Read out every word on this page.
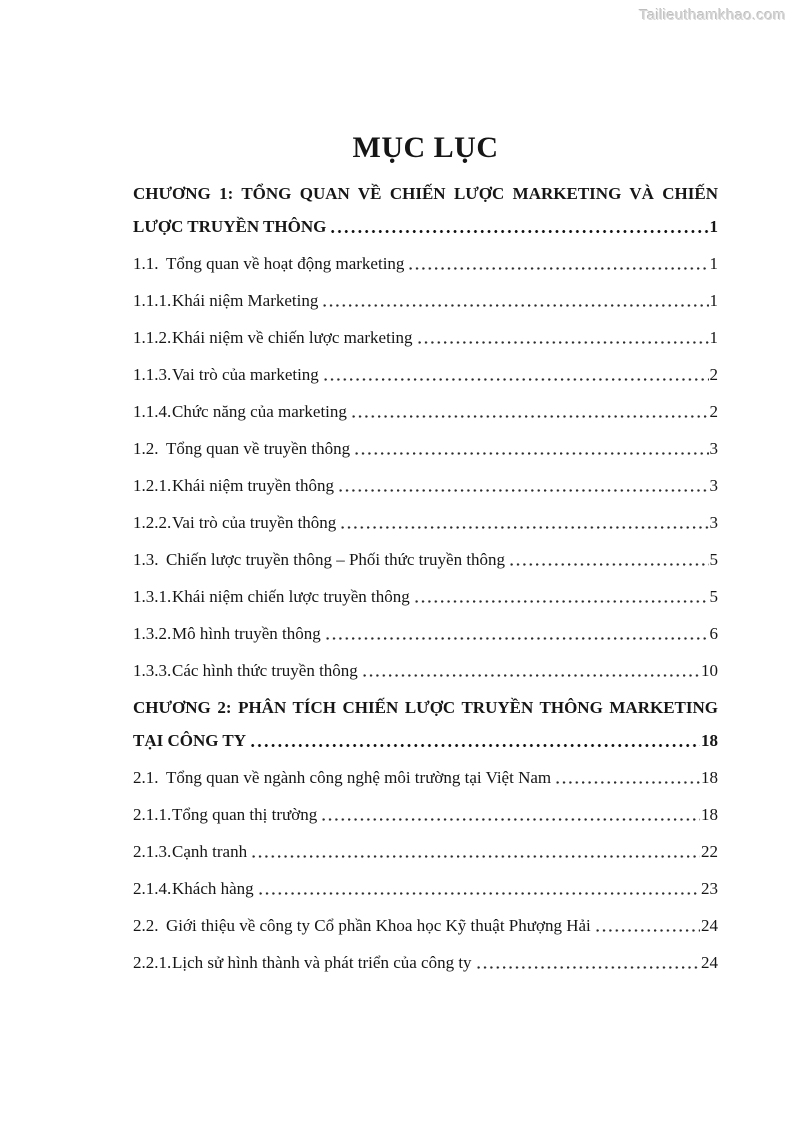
Tailieuthamkhao.com
MỤC LỤC
CHƯƠNG 1: TỔNG QUAN VỀ CHIẾN LƯỢC MARKETING VÀ CHIẾN
LƯỢC TRUYỀN THÔNG	1
1.1. Tổng quan về hoạt động marketing	1
1.1.1. Khái niệm Marketing	1
1.1.2. Khái niệm về chiến lược marketing	1
1.1.3. Vai trò của marketing	2
1.1.4. Chức năng của marketing	2
1.2. Tổng quan về truyền thông	3
1.2.1. Khái niệm truyền thông	3
1.2.2. Vai trò của truyền thông	3
1.3. Chiến lược truyền thông – Phối thức truyền thông	5
1.3.1. Khái niệm chiến lược truyền thông	5
1.3.2. Mô hình truyền thông	6
1.3.3. Các hình thức truyền thông	10
CHƯƠNG 2: PHÂN TÍCH CHIẾN LƯỢC TRUYỀN THÔNG MARKETING
TẠI CÔNG TY	18
2.1. Tổng quan về ngành công nghệ môi trường tại Việt Nam	18
2.1.1. Tổng quan thị trường	18
2.1.3. Cạnh tranh	22
2.1.4. Khách hàng	23
2.2. Giới thiệu về công ty Cổ phần Khoa học Kỹ thuật Phượng Hải	24
2.2.1. Lịch sử hình thành và phát triển của công ty	24
